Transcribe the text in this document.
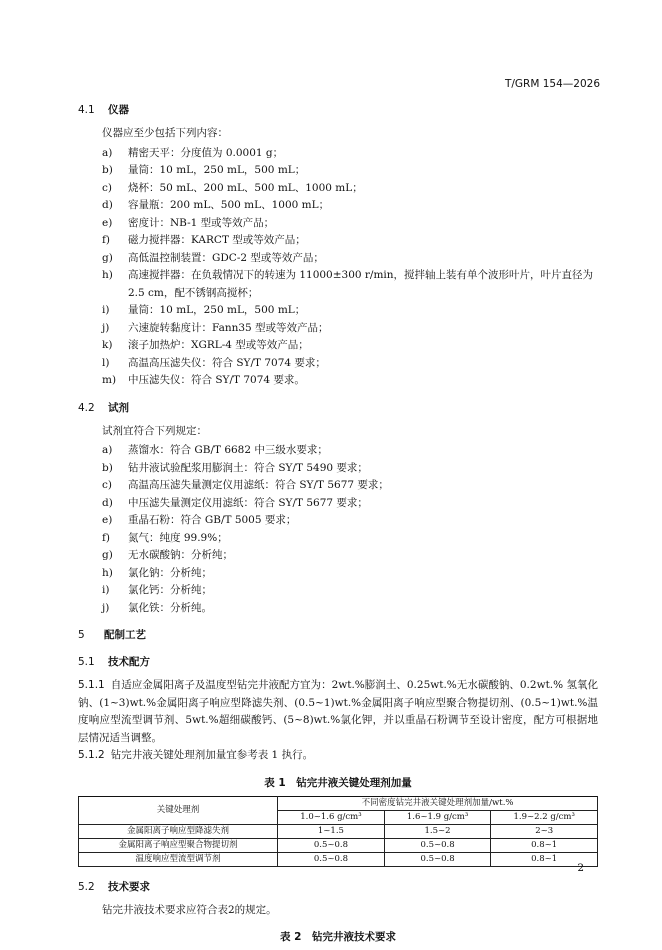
T/GRM 154—2026

4.1 仪器

仪器应至少包括下列内容：

a)	精密天平：分度值为 0.0001 g；
b)	量筒：10 mL，250 mL，500 mL；
c)	烧杯：50 mL、200 mL、500 mL、1000 mL；
d)	容量瓶：200 mL、500 mL、1000 mL；
e)	密度计：NB-1 型或等效产品；
f)	磁力搅拌器：KARCT 型或等效产品；
g)	高低温控制装置：GDC-2 型或等效产品；
h)	高速搅拌器：在负载情况下的转速为 11000±300 r/min，搅拌轴上装有单个波形叶片，叶片直径为 2.5 cm，配不锈钢高搅杯；
i)	量筒：10 mL，250 mL，500 mL；
j)	六速旋转黏度计：Fann35 型或等效产品；
k)	滚子加热炉：XGRL-4 型或等效产品；
l)	高温高压滤失仪：符合 SY/T 7074 要求；
m)	中压滤失仪：符合 SY/T 7074 要求。

4.2 试剂

试剂宜符合下列规定：

a)	蒸馏水：符合 GB/T 6682 中三级水要求；
b)	钻井液试验配浆用膨润土：符合 SY/T 5490 要求；
c)	高温高压滤失量测定仪用滤纸：符合 SY/T 5677 要求；
d)	中压滤失量测定仪用滤纸：符合 SY/T 5677 要求；
e)	重晶石粉：符合 GB/T 5005 要求；
f)	氮气：纯度 99.9%；
g)	无水碳酸钠：分析纯；
h)	氯化钠：分析纯；
i)	氯化钙：分析纯；
j)	氯化铁：分析纯。

5 配制工艺

5.1 技术配方

5.1.1 自适应金属阳离子及温度型钻完井液配方宜为：2wt.%膨润土、0.25wt.%无水碳酸钠、0.2wt.% 氢氧化钠、(1~3)wt.%金属阳离子响应型降滤失剂、(0.5~1)wt.%金属阳离子响应型聚合物提切剂、(0.5~1)wt.%温度响应型流型调节剂、5wt.%超细碳酸钙、(5~8)wt.%氯化钾，并以重晶石粉调节至设计密度，配方可根据地层情况适当调整。

5.1.2 钻完井液关键处理剂加量宜参考表 1 执行。

表 1　钻完井液关键处理剂加量
关键处理剂	不同密度钻完井液关键处理剂加量/wt.%		
	1.0~1.6 g/cm³	1.6~1.9 g/cm³	1.9~2.2 g/cm³
金属阳离子响应型降滤失剂	1~1.5	1.5~2	2~3
金属阳离子响应型聚合物提切剂	0.5~0.8	0.5~0.8	0.8~1
温度响应型流型调节剂	0.5~0.8	0.5~0.8	0.8~1

5.2 技术要求

钻完井液技术要求应符合表2的规定。

表 2　钻完井液技术要求
2
